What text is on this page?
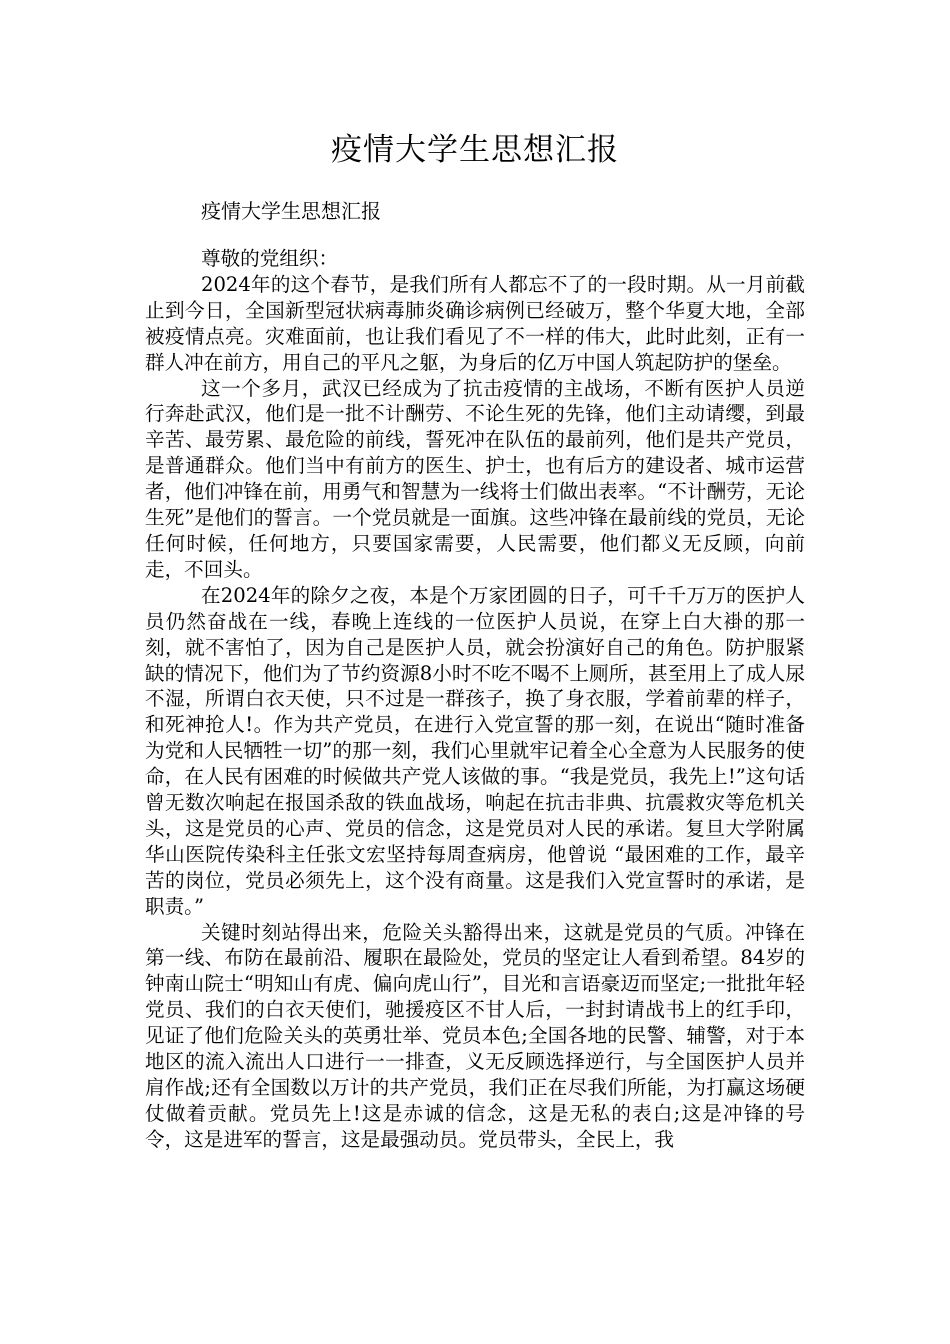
疫情大学生思想汇报
疫情大学生思想汇报

尊敬的党组织：

2024年的这个春节，是我们所有人都忘不了的一段时期。从一月前截止到今日，全国新型冠状病毒肺炎确诊病例已经破万，整个华夏大地，全部被疫情点亮。灾难面前，也让我们看见了不一样的伟大，此时此刻，正有一群人冲在前方，用自己的平凡之躯，为身后的亿万中国人筑起防护的堡垒。

这一个多月，武汉已经成为了抗击疫情的主战场，不断有医护人员逆行奔赴武汉，他们是一批不计酬劳、不论生死的先锋，他们主动请缨，到最辛苦、最劳累、最危险的前线，誓死冲在队伍的最前列，他们是共产党员，是普通群众。他们当中有前方的医生、护士，也有后方的建设者、城市运营者，他们冲锋在前，用勇气和智慧为一线将士们做出表率。“不计酬劳，无论生死”是他们的誓言。一个党员就是一面旗。这些冲锋在最前线的党员，无论任何时候，任何地方，只要国家需要，人民需要，他们都义无反顾，向前走，不回头。

在2024年的除夕之夜，本是个万家团圆的日子，可千千万万的医护人员仍然奋战在一线，春晚上连线的一位医护人员说，在穿上白大褂的那一刻，就不害怕了，因为自己是医护人员，就会扮演好自己的角色。防护服紧缺的情况下，他们为了节约资源8小时不吃不喝不上厕所，甚至用上了成人尿不湿，所谓白衣天使，只不过是一群孩子，换了身衣服，学着前辈的样子，和死神抢人!。作为共产党员，在进行入党宣誓的那一刻，在说出“随时准备为党和人民牺牲一切”的那一刻，我们心里就牢记着全心全意为人民服务的使命，在人民有困难的时候做共产党人该做的事。“我是党员，我先上!”这句话曾无数次响起在报国杀敌的铁血战场，响起在抗击非典、抗震救灾等危机关头，这是党员的心声、党员的信念，这是党员对人民的承诺。复旦大学附属华山医院传染科主任张文宏坚持每周查病房，他曾说 “最困难的工作，最辛苦的岗位，党员必须先上，这个没有商量。这是我们入党宣誓时的承诺，是职责。”

关键时刻站得出来，危险关头豁得出来，这就是党员的气质。冲锋在第一线、布防在最前沿、履职在最险处，党员的坚定让人看到希望。84岁的钟南山院士“明知山有虎、偏向虎山行”，目光和言语豪迈而坚定;一批批年轻党员、我们的白衣天使们，驰援疫区不甘人后，一封封请战书上的红手印，见证了他们危险关头的英勇壮举、党员本色;全国各地的民警、辅警，对于本地区的流入流出人口进行一一排查，义无反顾选择逆行，与全国医护人员并肩作战;还有全国数以万计的共产党员，我们正在尽我们所能，为打赢这场硬仗做着贡献。党员先上!这是赤诚的信念，这是无私的表白;这是冲锋的号令，这是进军的誓言，这是最强动员。党员带头，全民上，我
